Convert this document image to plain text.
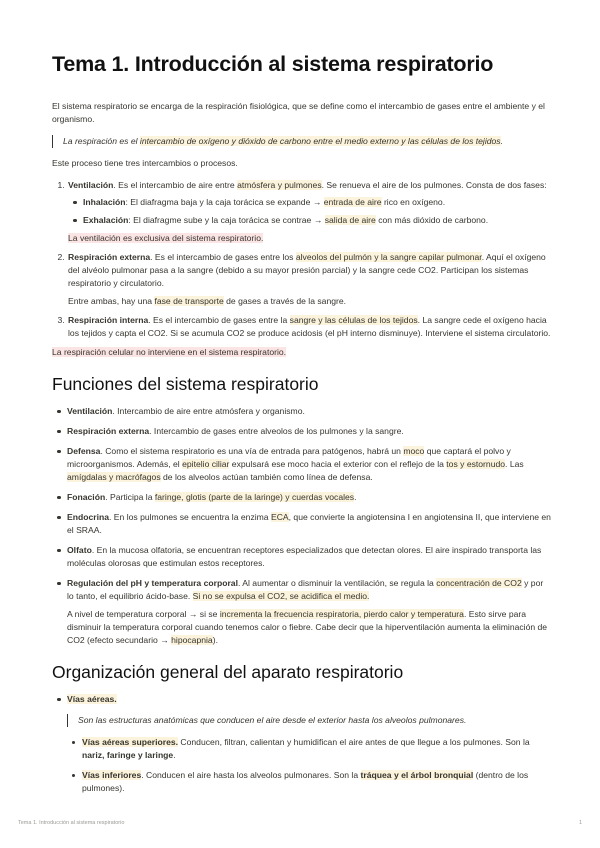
Tema 1. Introducción al sistema respiratorio

El sistema respiratorio se encarga de la respiración fisiológica, que se define como el intercambio de gases entre el ambiente y el organismo.

La respiración es el intercambio de oxígeno y dióxido de carbono entre el medio externo y las células de los tejidos.

Este proceso tiene tres intercambios o procesos.

1. Ventilación. Es el intercambio de aire entre atmósfera y pulmones. Se renueva el aire de los pulmones. Consta de dos fases:

Inhalación: El diafragma baja y la caja torácica se expande → entrada de aire rico en oxígeno.
Exhalación: El diafragme sube y la caja torácica se contrae → salida de aire con más dióxido de carbono.

La ventilación es exclusiva del sistema respiratorio.

2. Respiración externa. Es el intercambio de gases entre los alveolos del pulmón y la sangre capilar pulmonar. Aquí el oxígeno del alvéolo pulmonar pasa a la sangre (debido a su mayor presión parcial) y la sangre cede CO2. Participan los sistemas respiratorio y circulatorio.

Entre ambas, hay una fase de transporte de gases a través de la sangre.

3. Respiración interna. Es el intercambio de gases entre la sangre y las células de los tejidos. La sangre cede el oxígeno hacia los tejidos y capta el CO2. Si se acumula CO2 se produce acidosis (el pH interno disminuye). Interviene el sistema circulatorio.

La respiración celular no interviene en el sistema respiratorio.

Funciones del sistema respiratorio
Ventilación. Intercambio de aire entre atmósfera y organismo.
Respiración externa. Intercambio de gases entre alveolos de los pulmones y la sangre.
Defensa. Como el sistema respiratorio es una vía de entrada para patógenos, habrá un moco que captará el polvo y microorganismos. Además, el epitelio ciliar expulsará ese moco hacia el exterior con el reflejo de la tos y estornudo. Las amígdalas y macrófagos de los alveolos actúan también como línea de defensa.
Fonación. Participa la faringe, glotis (parte de la laringe) y cuerdas vocales.
Endocrina. En los pulmones se encuentra la enzima ECA, que convierte la angiotensina I en angiotensina II, que interviene en el SRAA.
Olfato. En la mucosa olfatoria, se encuentran receptores especializados que detectan olores. El aire inspirado transporta las moléculas olorosas que estimulan estos receptores.

Regulación del pH y temperatura corporal. Al aumentar o disminuir la ventilación, se regula la concentración de CO2 y por lo tanto, el equilibrio ácido-base. Si no se expulsa el CO2, se acidifica el medio.

A nivel de temperatura corporal → si se incrementa la frecuencia respiratoria, pierdo calor y temperatura. Esto sirve para disminuir la temperatura corporal cuando tenemos calor o fiebre. Cabe decir que la hiperventilación aumenta la eliminación de CO2 (efecto secundario → hipocapnia).

Organización general del aparato respiratorio

Vías aéreas.

Son las estructuras anatómicas que conducen el aire desde el exterior hasta los alveolos pulmonares.
Vías aéreas superiores. Conducen, filtran, calientan y humidifican el aire antes de que llegue a los pulmones. Son la nariz, faringe y laringe.
Vías inferiores. Conducen el aire hasta los alveolos pulmonares. Son la tráquea y el árbol bronquial (dentro de los pulmones).
Tema 1. Introducción al sistema respiratorio	1
